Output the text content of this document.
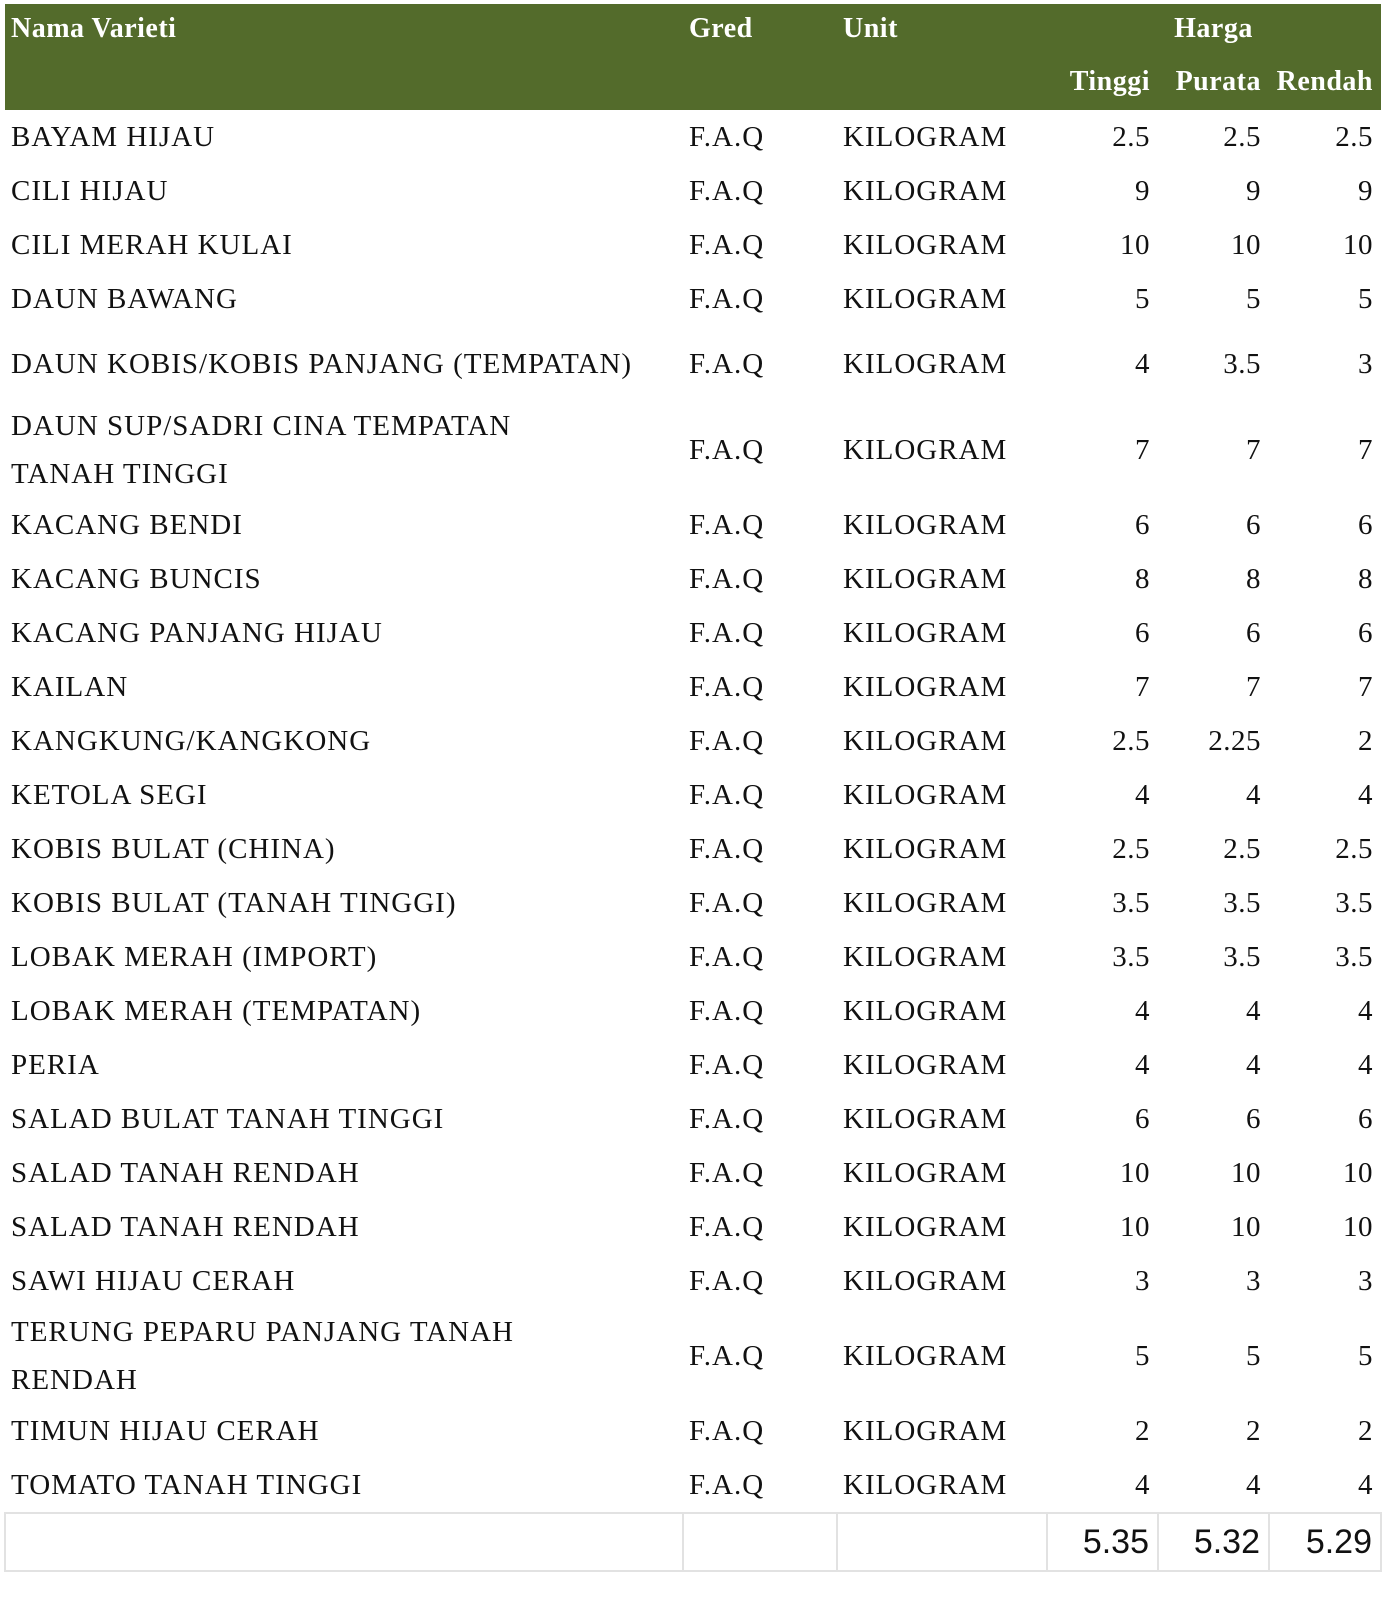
Nama Varieti	Gred	Unit		Harga	
			Tinggi	Purata	Rendah
BAYAM HIJAU	F.A.Q	KILOGRAM	2.5	2.5	2.5
CILI HIJAU	F.A.Q	KILOGRAM	9	9	9
CILI MERAH KULAI	F.A.Q	KILOGRAM	10	10	10
DAUN BAWANG	F.A.Q	KILOGRAM	5	5	5
DAUN KOBIS/KOBIS PANJANG (TEMPATAN)	F.A.Q	KILOGRAM	4	3.5	3
DAUN SUP/SADRI CINA TEMPATAN TANAH TINGGI	F.A.Q	KILOGRAM	7	7	7
KACANG BENDI	F.A.Q	KILOGRAM	6	6	6
KACANG BUNCIS	F.A.Q	KILOGRAM	8	8	8
KACANG PANJANG HIJAU	F.A.Q	KILOGRAM	6	6	6
KAILAN	F.A.Q	KILOGRAM	7	7	7
KANGKUNG/KANGKONG	F.A.Q	KILOGRAM	2.5	2.25	2
KETOLA SEGI	F.A.Q	KILOGRAM	4	4	4
KOBIS BULAT (CHINA)	F.A.Q	KILOGRAM	2.5	2.5	2.5
KOBIS BULAT (TANAH TINGGI)	F.A.Q	KILOGRAM	3.5	3.5	3.5
LOBAK MERAH (IMPORT)	F.A.Q	KILOGRAM	3.5	3.5	3.5
LOBAK MERAH (TEMPATAN)	F.A.Q	KILOGRAM	4	4	4
PERIA	F.A.Q	KILOGRAM	4	4	4
SALAD BULAT TANAH TINGGI	F.A.Q	KILOGRAM	6	6	6
SALAD TANAH RENDAH	F.A.Q	KILOGRAM	10	10	10
SALAD TANAH RENDAH	F.A.Q	KILOGRAM	10	10	10
SAWI HIJAU CERAH	F.A.Q	KILOGRAM	3	3	3
TERUNG PEPARU PANJANG TANAH RENDAH	F.A.Q	KILOGRAM	5	5	5
TIMUN HIJAU CERAH	F.A.Q	KILOGRAM	2	2	2
TOMATO TANAH TINGGI	F.A.Q	KILOGRAM	4	4	4
			5.35	5.32	5.29
